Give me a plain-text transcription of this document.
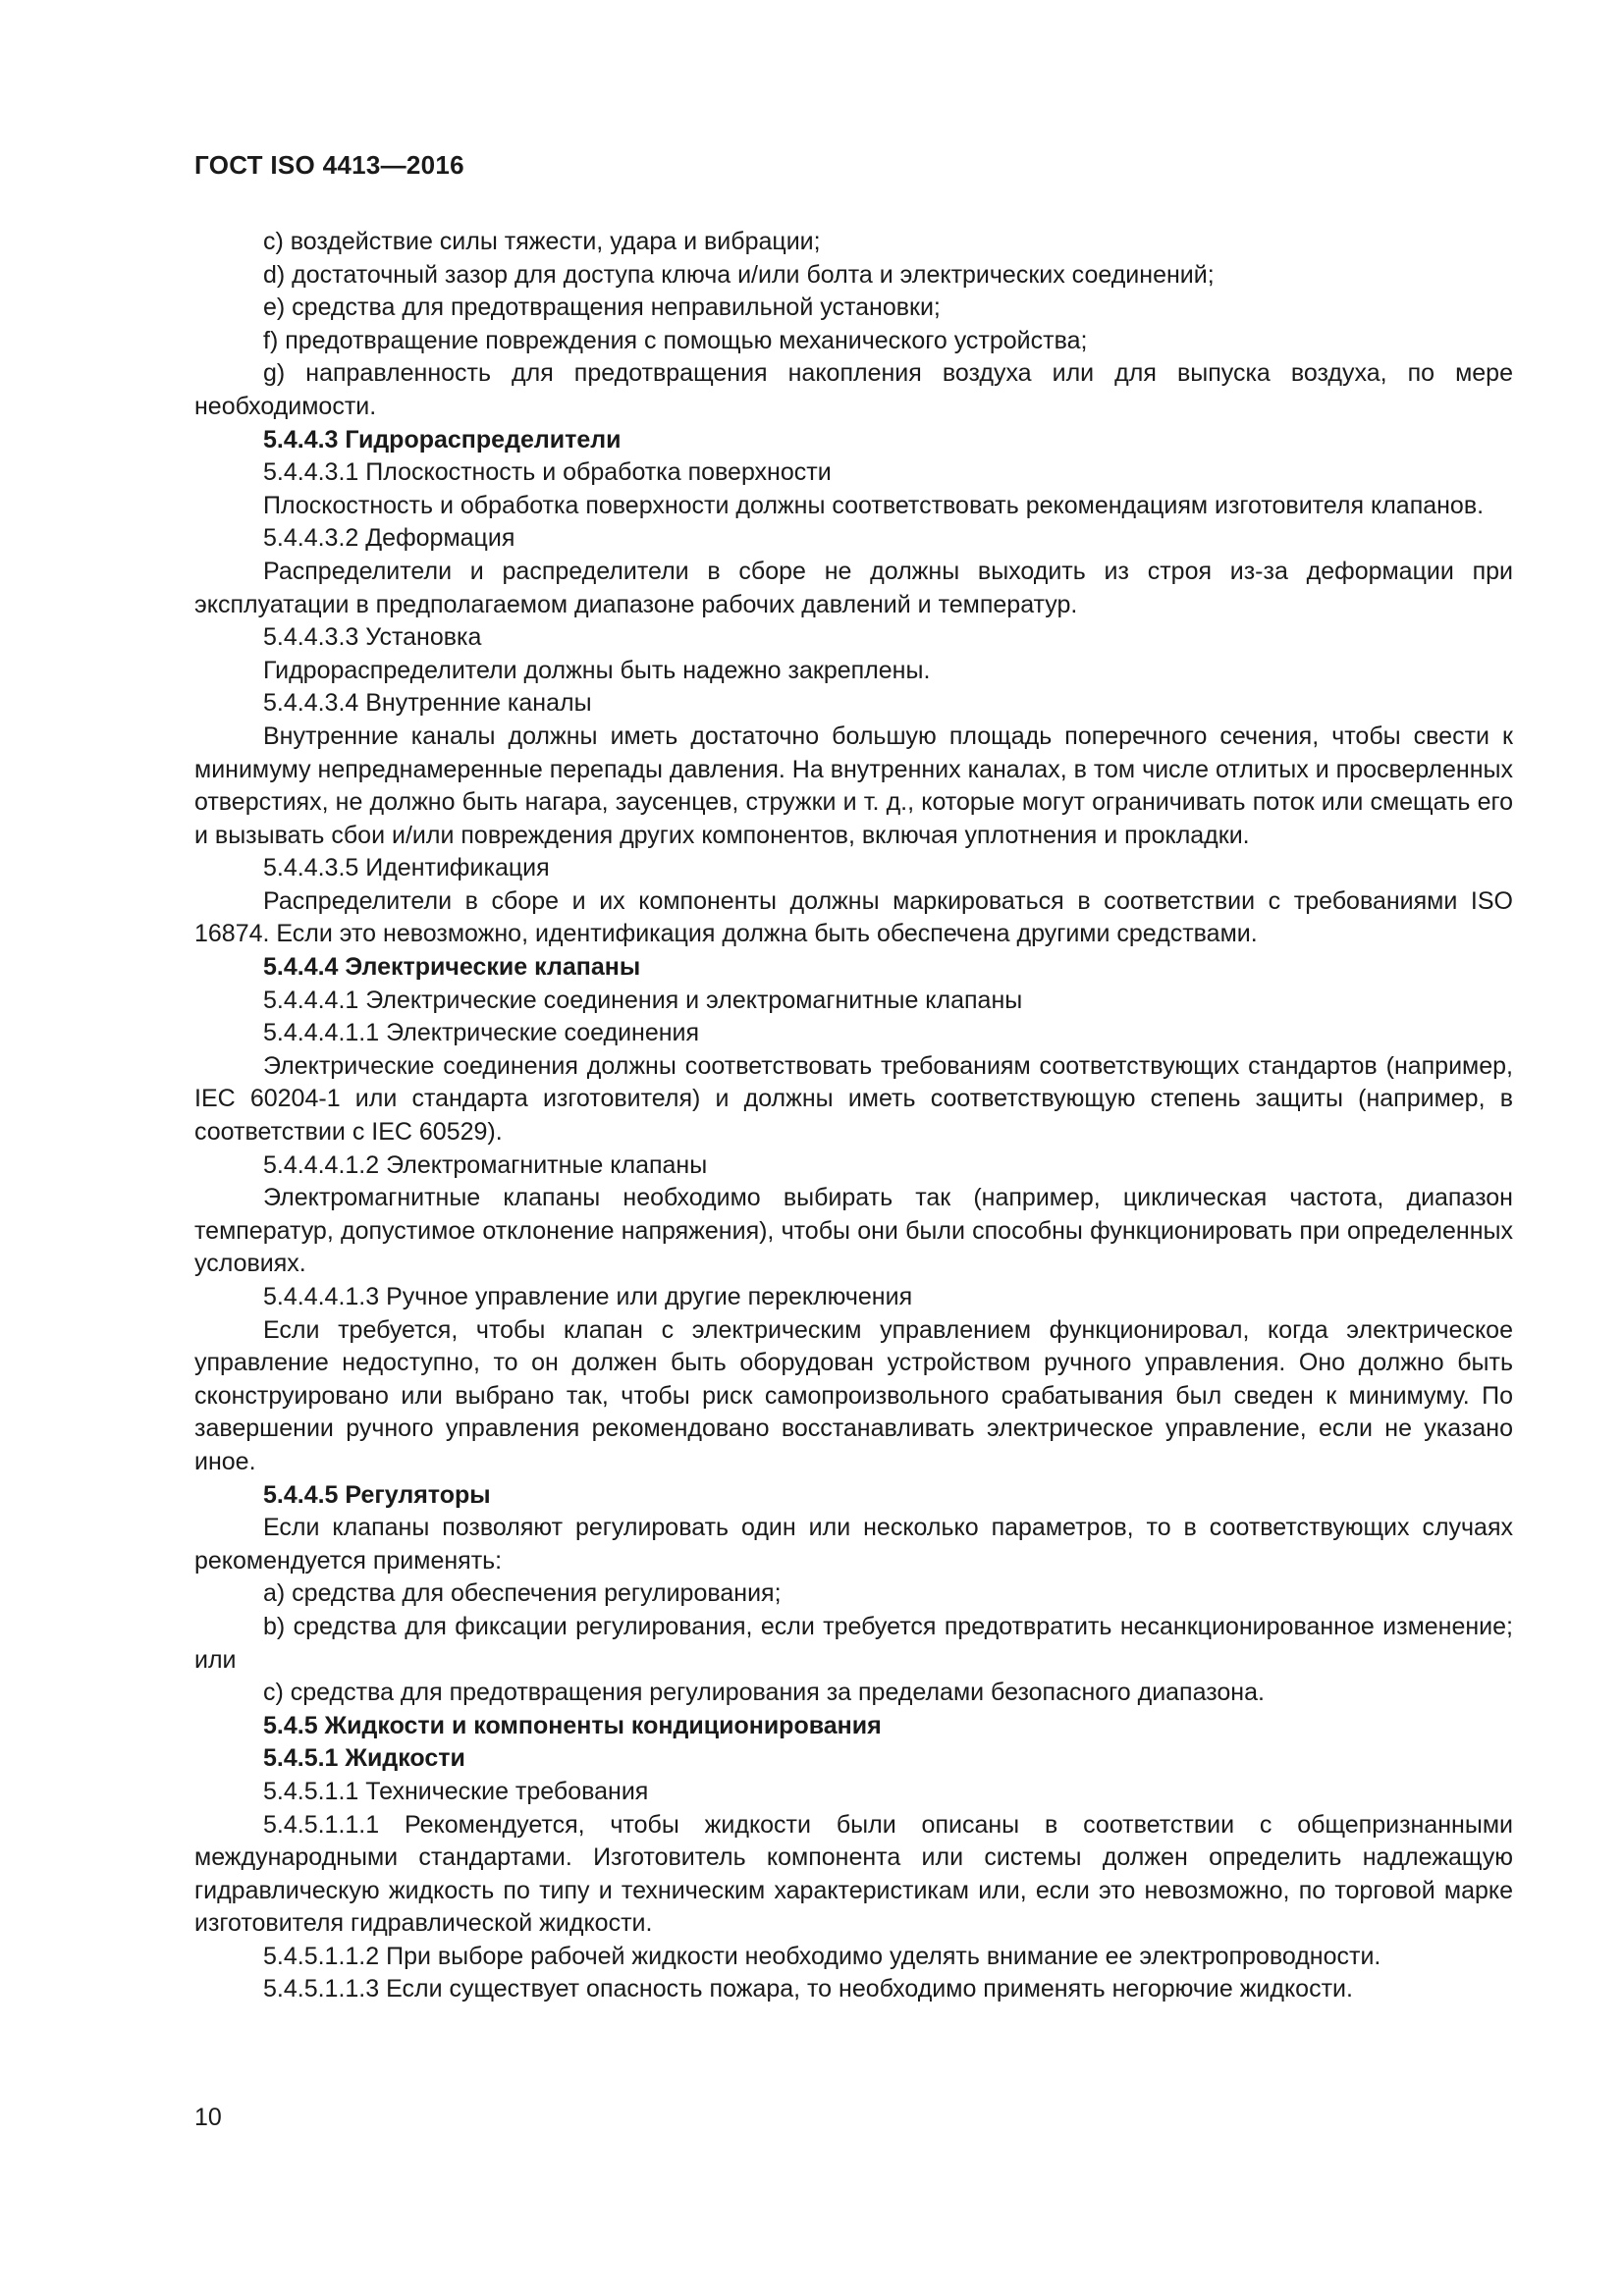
ГОСТ ISO 4413—2016

c) воздействие силы тяжести, удара и вибрации;

d) достаточный зазор для доступа ключа и/или болта и электрических соединений;

e) средства для предотвращения неправильной установки;

f) предотвращение повреждения с помощью механического устройства;

g) направленность для предотвращения накопления воздуха или для выпуска воздуха, по мере необходимости.

5.4.4.3 Гидрораспределители

5.4.4.3.1 Плоскостность и обработка поверхности

Плоскостность и обработка поверхности должны соответствовать рекомендациям изготовителя клапанов.

5.4.4.3.2 Деформация

Распределители и распределители в сборе не должны выходить из строя из-за деформации при эксплуатации в предполагаемом диапазоне рабочих давлений и температур.

5.4.4.3.3 Установка

Гидрораспределители должны быть надежно закреплены.

5.4.4.3.4 Внутренние каналы

Внутренние каналы должны иметь достаточно большую площадь поперечного сечения, чтобы свести к минимуму непреднамеренные перепады давления. На внутренних каналах, в том числе отлитых и просверленных отверстиях, не должно быть нагара, заусенцев, стружки и т. д., которые могут ограничивать поток или смещать его и вызывать сбои и/или повреждения других компонентов, включая уплотнения и прокладки.

5.4.4.3.5 Идентификация

Распределители в сборе и их компоненты должны маркироваться в соответствии с требованиями ISO 16874. Если это невозможно, идентификация должна быть обеспечена другими средствами.

5.4.4.4 Электрические клапаны

5.4.4.4.1 Электрические соединения и электромагнитные клапаны

5.4.4.4.1.1 Электрические соединения

Электрические соединения должны соответствовать требованиям соответствующих стандартов (например, IEC 60204-1 или стандарта изготовителя) и должны иметь соответствующую степень защиты (например, в соответствии с IEC 60529).

5.4.4.4.1.2 Электромагнитные клапаны

Электромагнитные клапаны необходимо выбирать так (например, циклическая частота, диапазон температур, допустимое отклонение напряжения), чтобы они были способны функционировать при определенных условиях.

5.4.4.4.1.3 Ручное управление или другие переключения

Если требуется, чтобы клапан с электрическим управлением функционировал, когда электрическое управление недоступно, то он должен быть оборудован устройством ручного управления. Оно должно быть сконструировано или выбрано так, чтобы риск самопроизвольного срабатывания был сведен к минимуму. По завершении ручного управления рекомендовано восстанавливать электрическое управление, если не указано иное.

5.4.4.5 Регуляторы

Если клапаны позволяют регулировать один или несколько параметров, то в соответствующих случаях рекомендуется применять:

a) средства для обеспечения регулирования;

b) средства для фиксации регулирования, если требуется предотвратить несанкционированное изменение; или

c) средства для предотвращения регулирования за пределами безопасного диапазона.

5.4.5 Жидкости и компоненты кондиционирования

5.4.5.1 Жидкости

5.4.5.1.1 Технические требования

5.4.5.1.1.1 Рекомендуется, чтобы жидкости были описаны в соответствии с общепризнанными международными стандартами. Изготовитель компонента или системы должен определить надлежащую гидравлическую жидкость по типу и техническим характеристикам или, если это невозможно, по торговой марке изготовителя гидравлической жидкости.

5.4.5.1.1.2 При выборе рабочей жидкости необходимо уделять внимание ее электропроводности.

5.4.5.1.1.3 Если существует опасность пожара, то необходимо применять негорючие жидкости.

10
